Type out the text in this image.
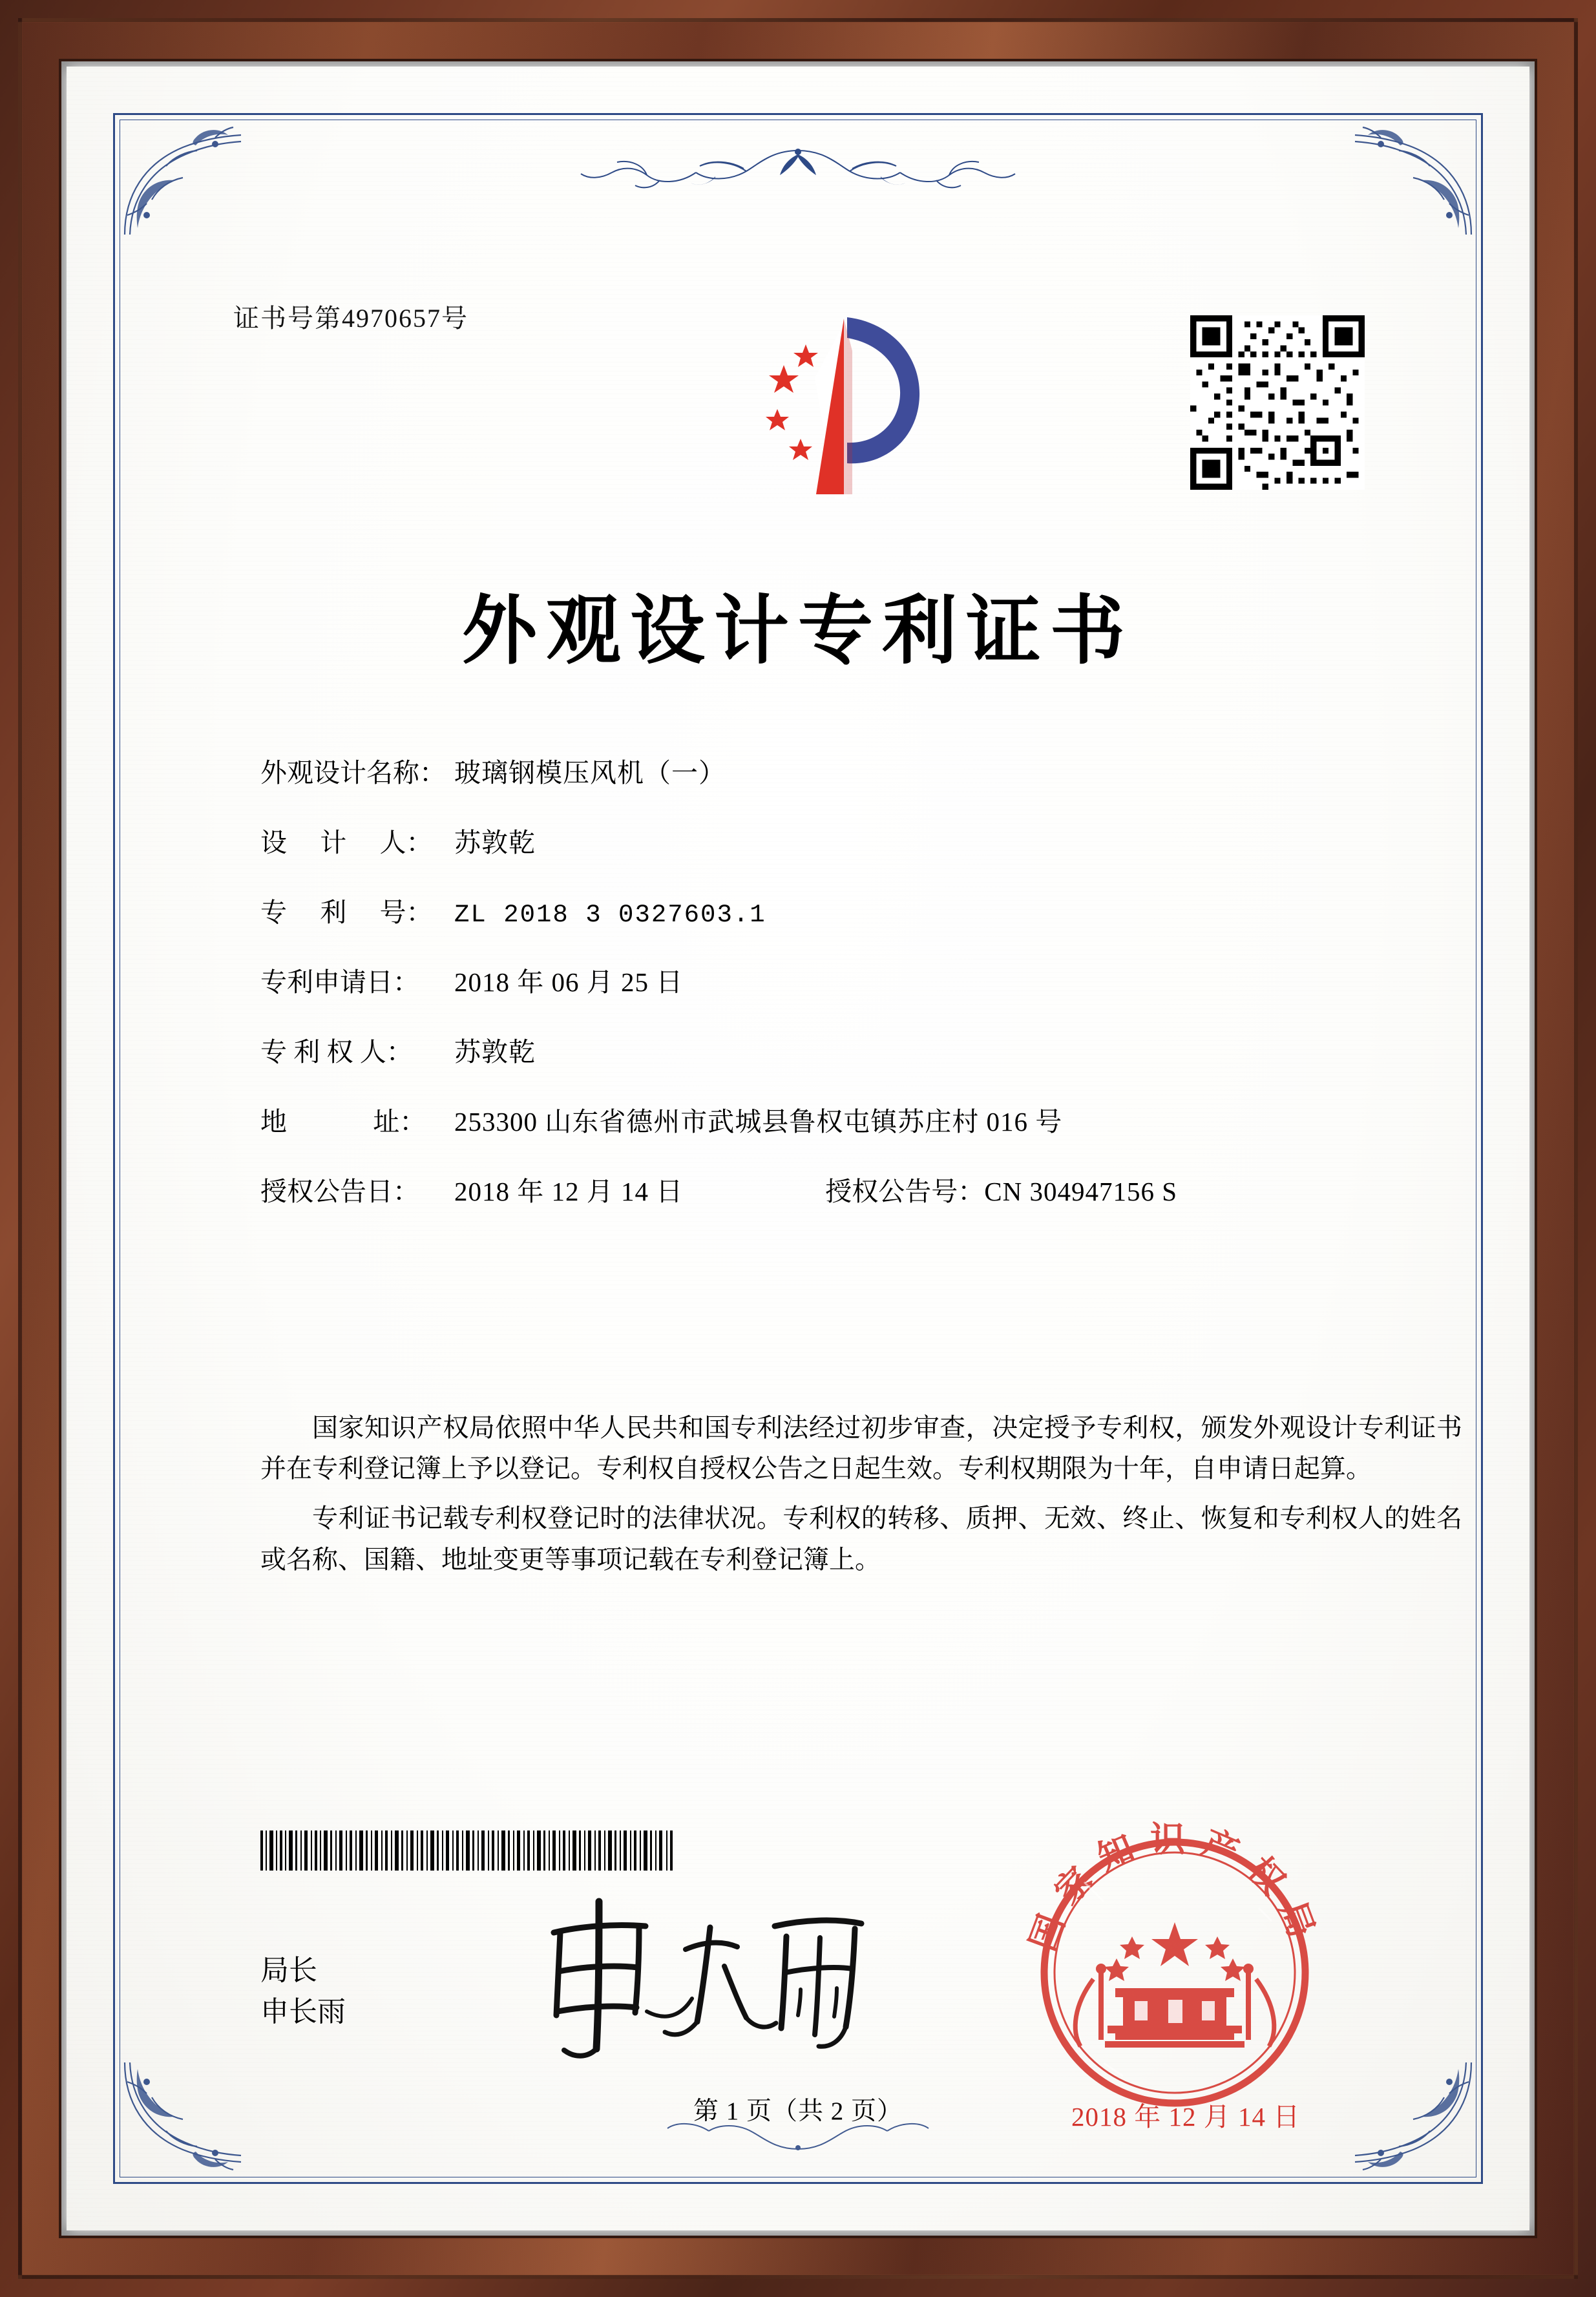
证书号第4970657号
外观设计专利证书
外观设计名称： 玻璃钢模压风机（一）
设　 计　 人： 苏敦乾
专　 利　 号： ZL 2018 3 0327603.1
专利申请日：	2018 年 06 月 25 日
专 利 权 人：	苏敦乾
地　　 　址：	253300 山东省德州市武城县鲁权屯镇苏庄村 016 号
授权公告日：	2018 年 12 月 14 日	授权公告号： CN 304947156 S

国家知识产权局依照中华人民共和国专利法经过初步审查，决定授予专利权，颁发外观设计专利证书并在专利登记簿上予以登记。专利权自授权公告之日起生效。专利权期限为十年，自申请日起算。

专利证书记载专利权登记时的法律状况。专利权的转移、质押、无效、终止、恢复和专利权人的姓名或名称、国籍、地址变更等事项记载在专利登记簿上。

局长
申长雨
国家知识产权局
2018 年 12 月 14 日
第 1 页（共 2 页）
